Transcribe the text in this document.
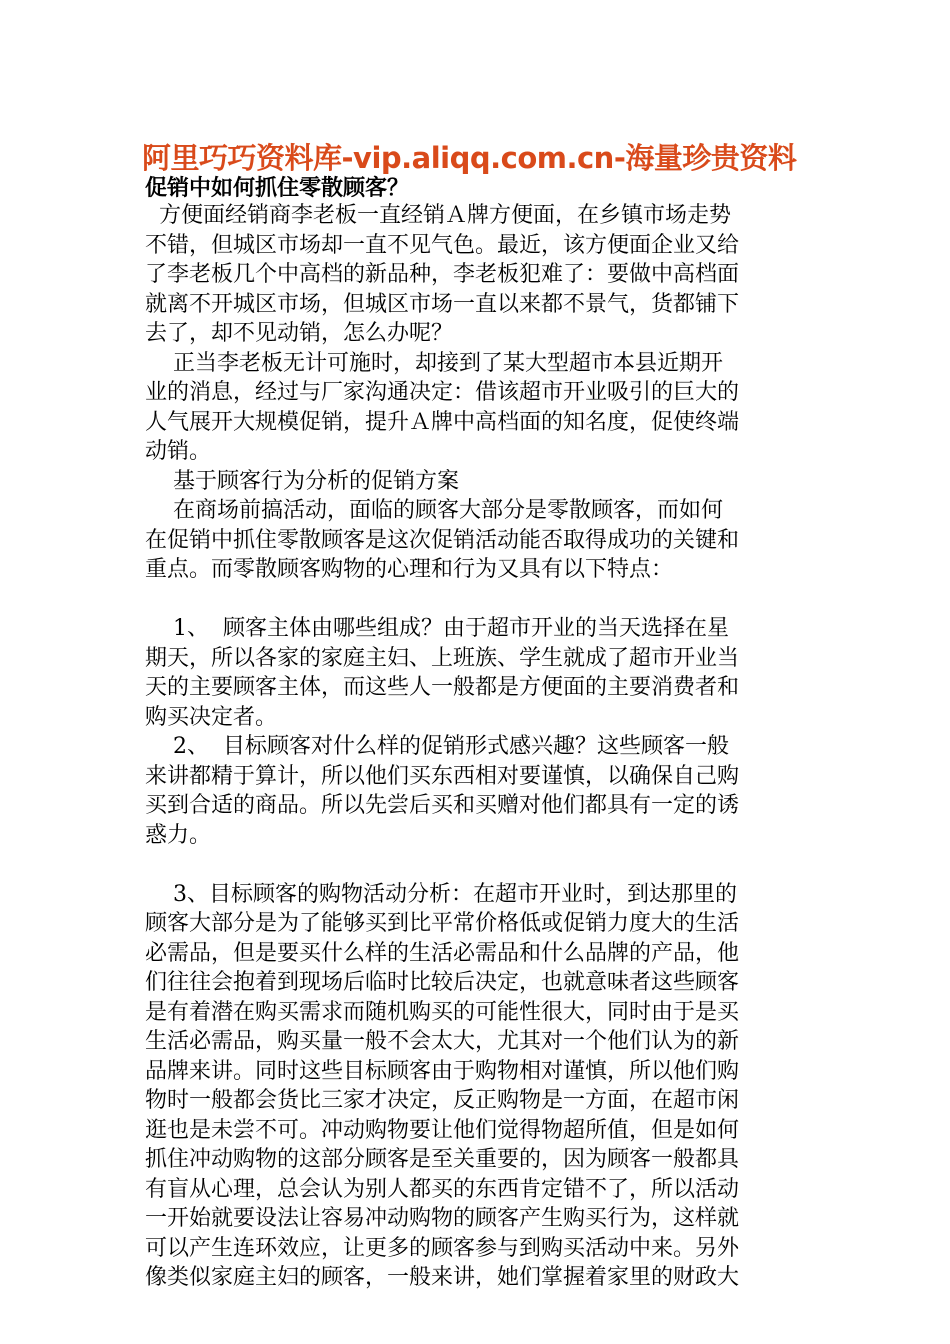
阿里巧巧资料库-vip.aliqq.com.cn-海量珍贵资料
促销中如何抓住零散顾客？
方便面经销商李老板一直经销Ａ牌方便面，在乡镇市场走势
不错，但城区市场却一直不见气色。最近，该方便面企业又给
了李老板几个中高档的新品种，李老板犯难了：要做中高档面
就离不开城区市场，但城区市场一直以来都不景气，货都铺下
去了，却不见动销，怎么办呢？
正当李老板无计可施时，却接到了某大型超市本县近期开
业的消息，经过与厂家沟通决定：借该超市开业吸引的巨大的
人气展开大规模促销，提升Ａ牌中高档面的知名度，促使终端
动销。
基于顾客行为分析的促销方案
在商场前搞活动，面临的顾客大部分是零散顾客，而如何
在促销中抓住零散顾客是这次促销活动能否取得成功的关键和
重点。而零散顾客购物的心理和行为又具有以下特点：
1、  顾客主体由哪些组成？由于超市开业的当天选择在星
期天，所以各家的家庭主妇、上班族、学生就成了超市开业当
天的主要顾客主体，而这些人一般都是方便面的主要消费者和
购买决定者。
2、  目标顾客对什么样的促销形式感兴趣？这些顾客一般
来讲都精于算计，所以他们买东西相对要谨慎，以确保自己购
买到合适的商品。所以先尝后买和买赠对他们都具有一定的诱
惑力。
3、目标顾客的购物活动分析：在超市开业时，到达那里的
顾客大部分是为了能够买到比平常价格低或促销力度大的生活
必需品，但是要买什么样的生活必需品和什么品牌的产品，他
们往往会抱着到现场后临时比较后决定，也就意味者这些顾客
是有着潜在购买需求而随机购买的可能性很大，同时由于是买
生活必需品，购买量一般不会太大，尤其对一个他们认为的新
品牌来讲。同时这些目标顾客由于购物相对谨慎，所以他们购
物时一般都会货比三家才决定，反正购物是一方面，在超市闲
逛也是未尝不可。冲动购物要让他们觉得物超所值，但是如何
抓住冲动购物的这部分顾客是至关重要的，因为顾客一般都具
有盲从心理，总会认为别人都买的东西肯定错不了，所以活动
一开始就要设法让容易冲动购物的顾客产生购买行为，这样就
可以产生连环效应，让更多的顾客参与到购买活动中来。另外
像类似家庭主妇的顾客，一般来讲，她们掌握着家里的财政大
